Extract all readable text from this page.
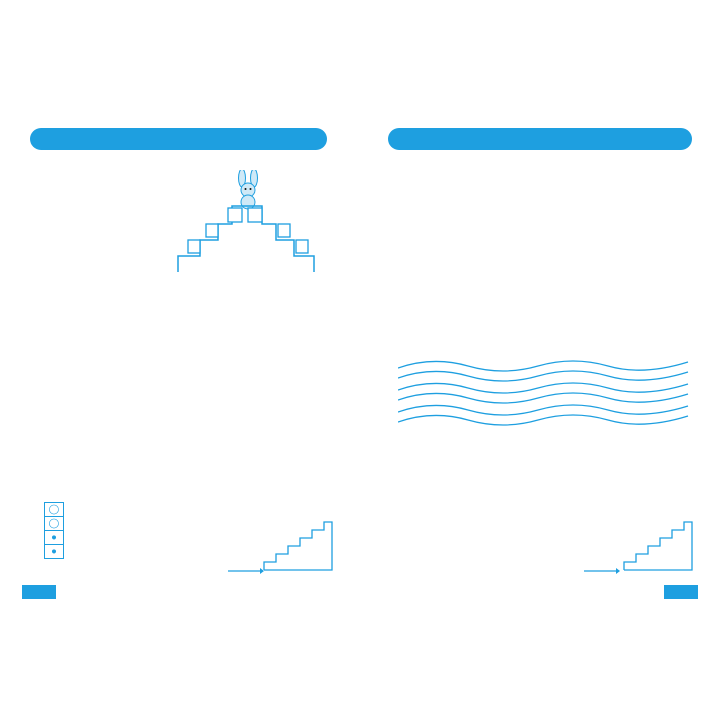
◯
◯
●
●
